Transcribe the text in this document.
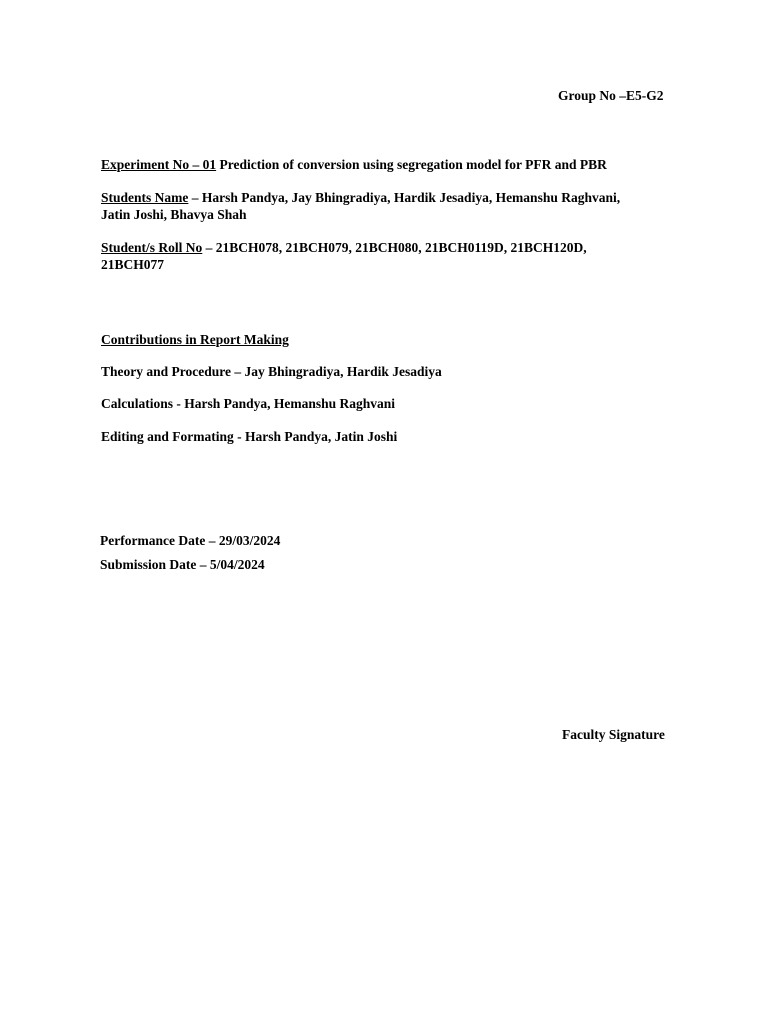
Group No –E5-G2
Experiment No – 01 Prediction of conversion using segregation model for PFR and PBR
Students Name – Harsh Pandya, Jay Bhingradiya, Hardik Jesadiya, Hemanshu Raghvani,
Jatin Joshi, Bhavya Shah
Student/s Roll No – 21BCH078, 21BCH079, 21BCH080, 21BCH0119D, 21BCH120D,
21BCH077
Contributions in Report Making
Theory and Procedure – Jay Bhingradiya, Hardik Jesadiya
Calculations - Harsh Pandya, Hemanshu Raghvani
Editing and Formating - Harsh Pandya, Jatin Joshi
Performance Date – 29/03/2024
Submission Date – 5/04/2024
Faculty Signature
